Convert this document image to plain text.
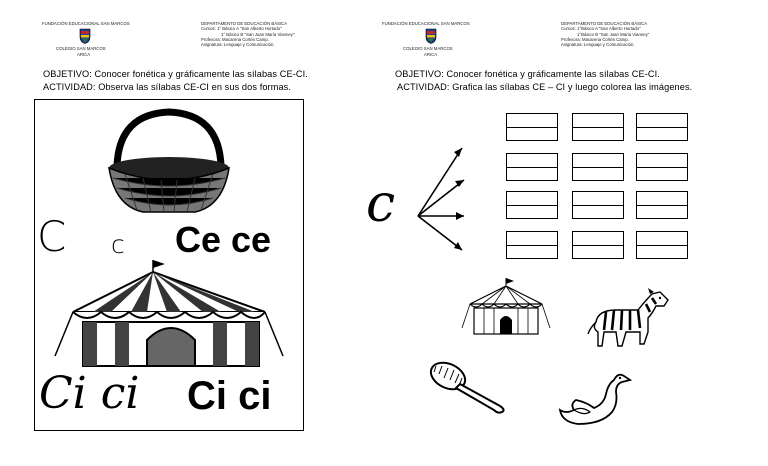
FUNDACIÓN EDUCACIONAL SAN MARCOS
COLEGIO SAN MARCOS
ARICA
DEPARTAMENTO DE EDUCACIÓN BÁSICA
Cursos: 1° Básico A "San Alberto Hurtado"
1° Básico B "San Juan María Vianney"
Profesora: Macarena Cortés Camp.
Asignatura: Lenguaje y Comunicación.
OBJETIVO: Conocer fonética y gráficamente las sílabas CE-CI.
ACTIVIDAD: Observa las sílabas CE-CI en sus dos formas.
C c Ce ce
Ci ci Ci ci
FUNDACIÓN EDUCACIONAL SAN MARCOS
COLEGIO SAN MARCOS
ARICA
DEPARTAMENTO DE EDUCACIÓN BÁSICA
Cursos: 1°Básico A "San Alberto Hurtado"
1°Básico B "San Juan María Vianney"
Profesora: Macarena Cortés Camp.
Asignatura: Lenguaje y Comunicación.
OBJETIVO: Conocer fonética y gráficamente las sílabas CE-CI.
ACTIVIDAD: Grafica las sílabas CE – CI y luego colorea las imágenes.
c
